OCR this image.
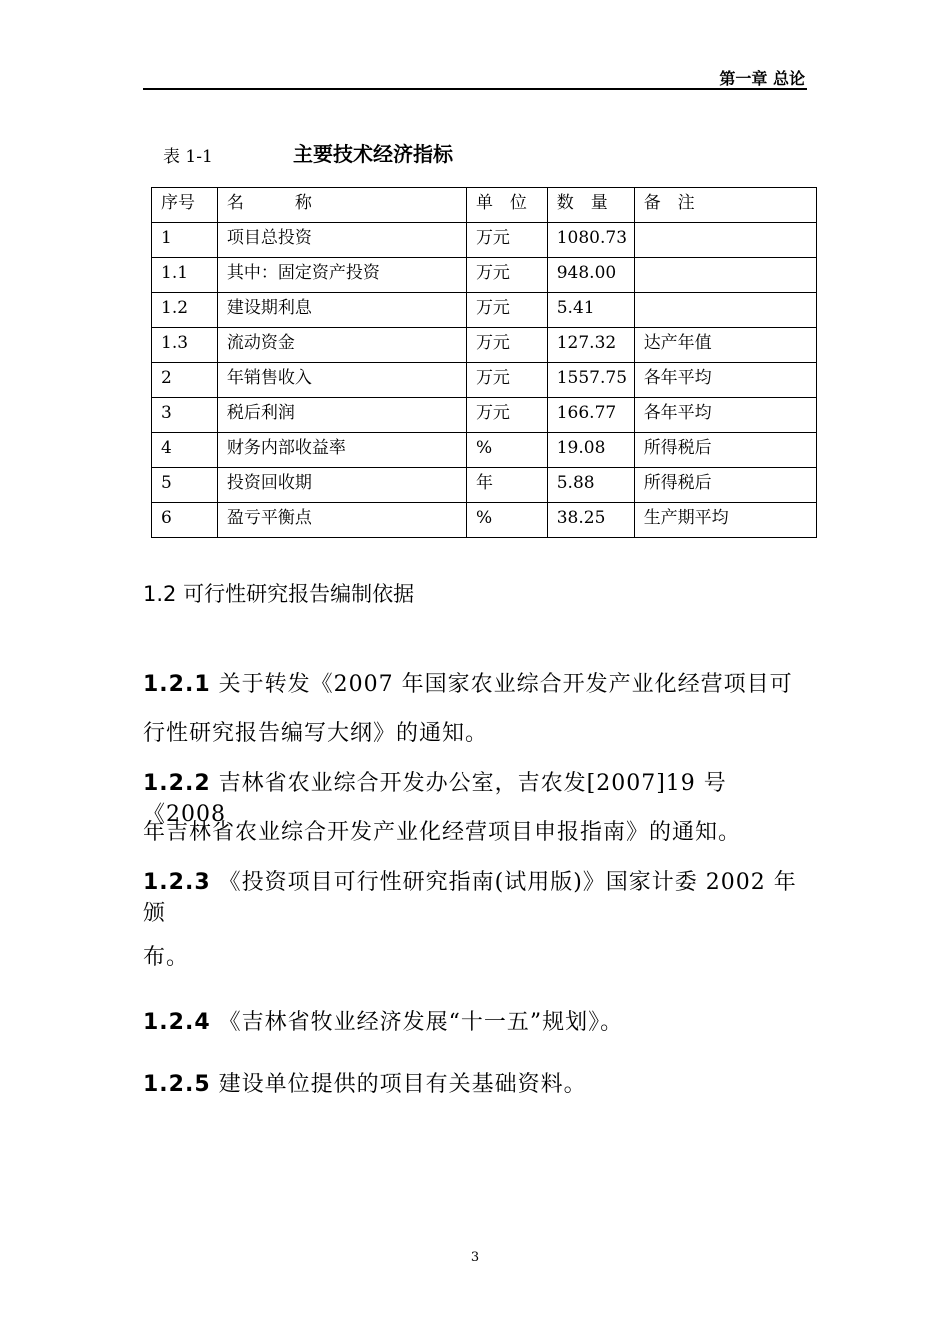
第一章 总论
表 1-1	主要技术经济指标
序号	名　　　称	单　位	数　量	备　注
1	项目总投资	万元	1080.73	
1.1	其中：固定资产投资	万元	948.00	
1.2	建设期利息	万元	5.41	
1.3	流动资金	万元	127.32	达产年值
2	年销售收入	万元	1557.75	各年平均
3	税后利润	万元	166.77	各年平均
4	财务内部收益率	%	19.08	所得税后
5	投资回收期	年	5.88	所得税后
6	盈亏平衡点	%	38.25	生产期平均
1.2 可行性研究报告编制依据
1.2.1 关于转发《2007 年国家农业综合开发产业化经营项目可
行性研究报告编写大纲》的通知。
1.2.2 吉林省农业综合开发办公室，吉农发[2007]19 号《2008
年吉林省农业综合开发产业化经营项目申报指南》的通知。
1.2.3 《投资项目可行性研究指南(试用版)》国家计委 2002 年颁
布。
1.2.4 《吉林省牧业经济发展“十一五”规划》。
1.2.5 建设单位提供的项目有关基础资料。
3
